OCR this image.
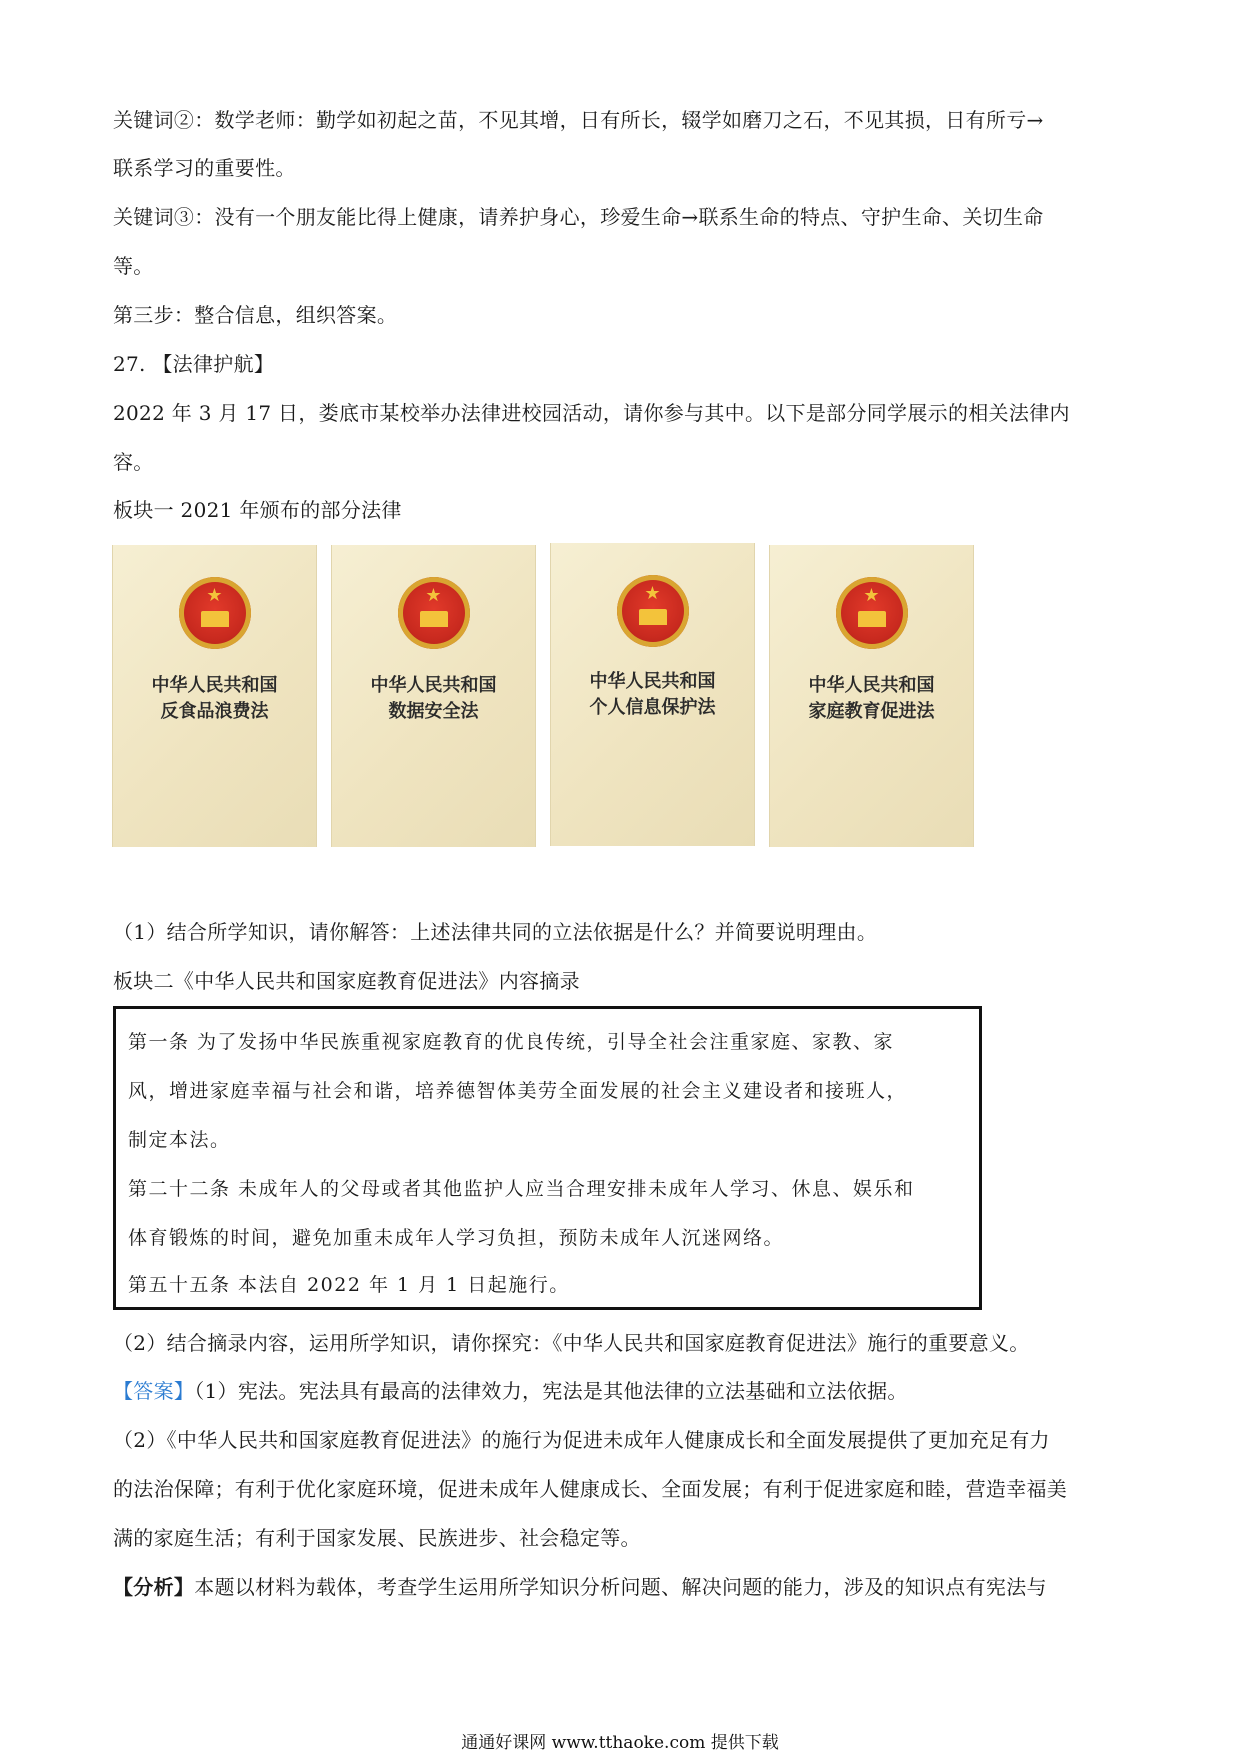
关键词②：数学老师：勤学如初起之苗，不见其增，日有所长，辍学如磨刀之石，不见其损，日有所亏→
联系学习的重要性。
关键词③：没有一个朋友能比得上健康，请养护身心，珍爱生命→联系生命的特点、守护生命、关切生命
等。
第三步：整合信息，组织答案。
27. 【法律护航】
2022 年 3 月 17 日，娄底市某校举办法律进校园活动，请你参与其中。以下是部分同学展示的相关法律内
容。
板块一 2021 年颁布的部分法律
★
中华人民共和国
反食品浪费法
★
中华人民共和国
数据安全法
★
中华人民共和国
个人信息保护法
★
中华人民共和国
家庭教育促进法
（1）结合所学知识，请你解答：上述法律共同的立法依据是什么？并简要说明理由。
板块二《中华人民共和国家庭教育促进法》内容摘录
第一条 为了发扬中华民族重视家庭教育的优良传统，引导全社会注重家庭、家教、家
风，增进家庭幸福与社会和谐，培养德智体美劳全面发展的社会主义建设者和接班人，
制定本法。
第二十二条 未成年人的父母或者其他监护人应当合理安排未成年人学习、休息、娱乐和
体育锻炼的时间，避免加重未成年人学习负担，预防未成年人沉迷网络。
第五十五条 本法自 2022 年 1 月 1 日起施行。
（2）结合摘录内容，运用所学知识，请你探究：《中华人民共和国家庭教育促进法》施行的重要意义。
【答案】（1）宪法。宪法具有最高的法律效力，宪法是其他法律的立法基础和立法依据。
（2）《中华人民共和国家庭教育促进法》的施行为促进未成年人健康成长和全面发展提供了更加充足有力
的法治保障；有利于优化家庭环境，促进未成年人健康成长、全面发展；有利于促进家庭和睦，营造幸福美
满的家庭生活；有利于国家发展、民族进步、社会稳定等。
【分析】本题以材料为载体，考查学生运用所学知识分析问题、解决问题的能力，涉及的知识点有宪法与
通通好课网 www.tthaoke.com 提供下载
